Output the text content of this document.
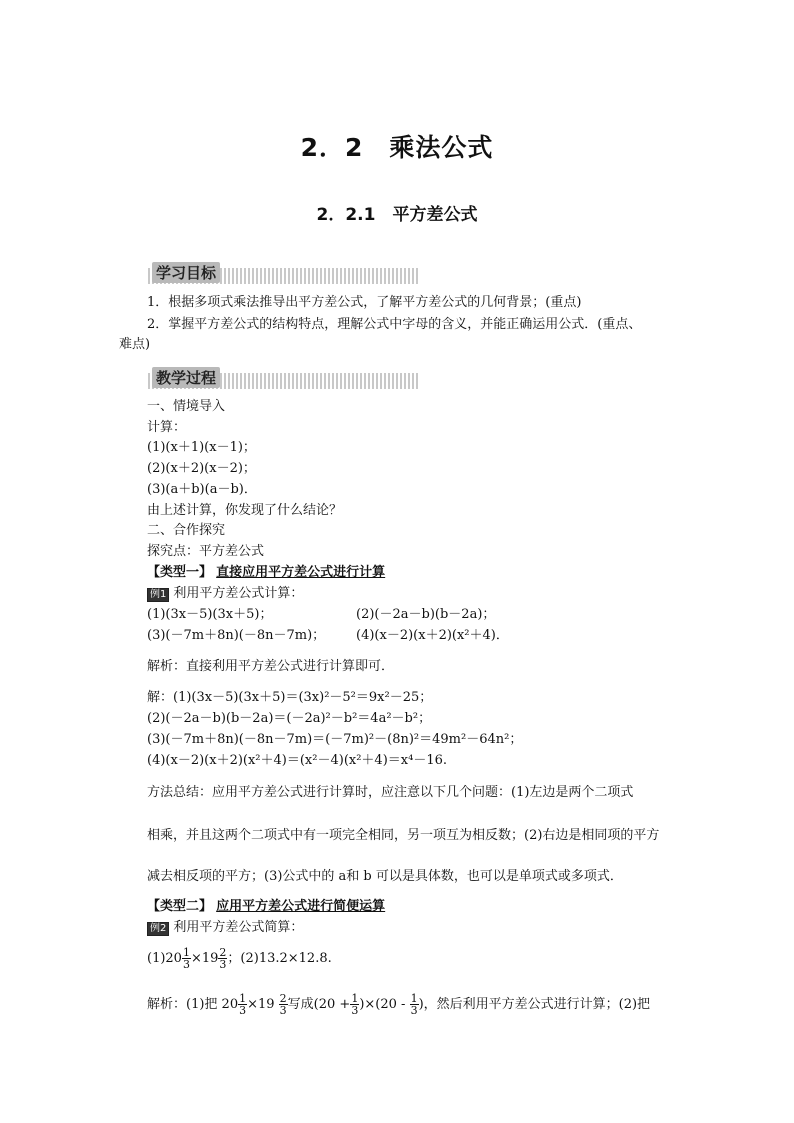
2．2　乘法公式
2．2.1　平方差公式
学习目标
1．根据多项式乘法推导出平方差公式，了解平方差公式的几何背景；(重点)
2．掌握平方差公式的结构特点，理解公式中字母的含义，并能正确运用公式．(重点、
难点)
教学过程
一、情境导入
计算：
(1)(x＋1)(x－1)；
(2)(x＋2)(x－2)；
(3)(a＋b)(a－b)．
由上述计算，你发现了什么结论？
二、合作探究
探究点：平方差公式
【类型一】 直接应用平方差公式进行计算
例1 利用平方差公式计算：
(1)(3x－5)(3x＋5)；	(2)(－2a－b)(b－2a)；
(3)(－7m＋8n)(－8n－7m)； (4)(x－2)(x＋2)(x²＋4)．
解析：直接利用平方差公式进行计算即可．
解：(1)(3x－5)(3x＋5)＝(3x)²－5²＝9x²－25；
(2)(－2a－b)(b－2a)＝(－2a)²－b²＝4a²－b²；
(3)(－7m＋8n)(－8n－7m)＝(－7m)²－(8n)²＝49m²－64n²；
(4)(x－2)(x＋2)(x²＋4)＝(x²－4)(x²＋4)＝x⁴－16.
方法总结：应用平方差公式进行计算时，应注意以下几个问题：(1)左边是两个二项式
相乘，并且这两个二项式中有一项完全相同，另一项互为相反数；(2)右边是相同项的平方
减去相反项的平方；(3)公式中的 a和 b 可以是具体数，也可以是单项式或多项式．
【类型二】 应用平方差公式进行简便运算
例2 利用平方差公式简算：
$(1)20 \frac{1}{3} \times 19 \frac{2}{3}$ ；(2)13.2×12.8.
解析：(1)把 $20 \frac{1}{3} \times 19 \frac{2}{3}$ 写成$(20 + \frac{1}{3} )\times(20 - \frac{1}{3}$ )，然后利用平方差公式进行计算；(2)把
